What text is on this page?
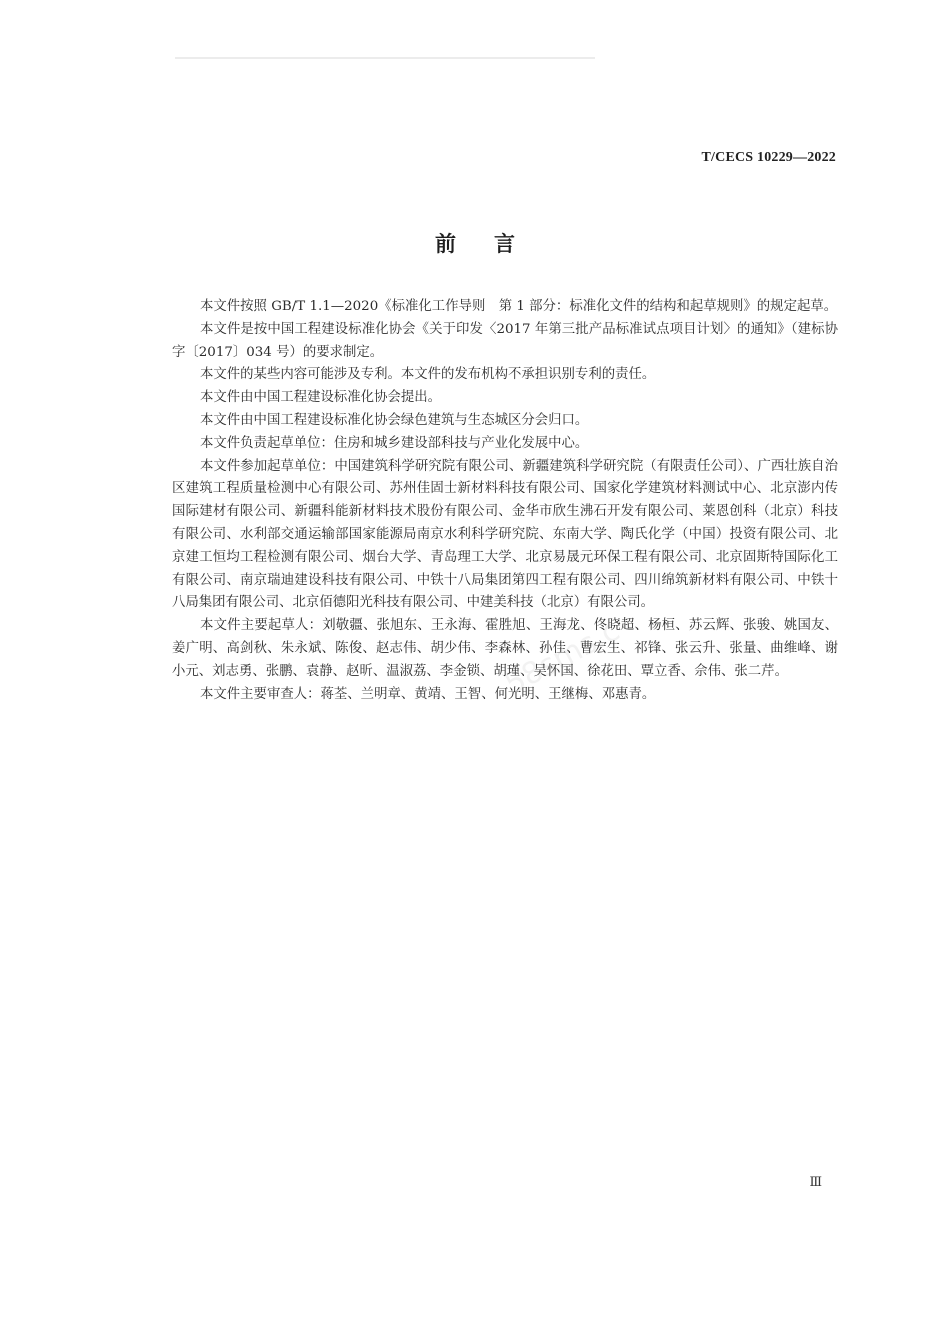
T/CECS 10229—2022
前言

本文件按照 GB/T 1.1—2020《标准化工作导则　第 1 部分：标准化文件的结构和起草规则》的规定起草。

本文件是按中国工程建设标准化协会《关于印发〈2017 年第三批产品标准试点项目计划〉的通知》（建标协字〔2017〕034 号）的要求制定。

本文件的某些内容可能涉及专利。本文件的发布机构不承担识别专利的责任。

本文件由中国工程建设标准化协会提出。

本文件由中国工程建设标准化协会绿色建筑与生态城区分会归口。

本文件负责起草单位：住房和城乡建设部科技与产业化发展中心。

本文件参加起草单位：中国建筑科学研究院有限公司、新疆建筑科学研究院（有限责任公司）、广西壮族自治区建筑工程质量检测中心有限公司、苏州佳固士新材料科技有限公司、国家化学建筑材料测试中心、北京澎内传国际建材有限公司、新疆科能新材料技术股份有限公司、金华市欣生沸石开发有限公司、莱恩创科（北京）科技有限公司、水利部交通运输部国家能源局南京水利科学研究院、东南大学、陶氏化学（中国）投资有限公司、北京建工恒均工程检测有限公司、烟台大学、青岛理工大学、北京易晟元环保工程有限公司、北京固斯特国际化工有限公司、南京瑞迪建设科技有限公司、中铁十八局集团第四工程有限公司、四川绵筑新材料有限公司、中铁十八局集团有限公司、北京佰德阳光科技有限公司、中建美科技（北京）有限公司。

本文件主要起草人：刘敬疆、张旭东、王永海、霍胜旭、王海龙、佟晓超、杨桓、苏云辉、张骏、姚国友、姜广明、高剑秋、朱永斌、陈俊、赵志伟、胡少伟、李森林、孙佳、曹宏生、祁锋、张云升、张量、曲维峰、谢小元、刘志勇、张鹏、袁静、赵昕、温淑荔、李金锁、胡瑾、吴怀国、徐花田、覃立香、佘伟、张二芹。

本文件主要审查人：蒋荃、兰明章、黄靖、王智、何光明、王继梅、邓惠青。

58sms.c
Ⅲ
